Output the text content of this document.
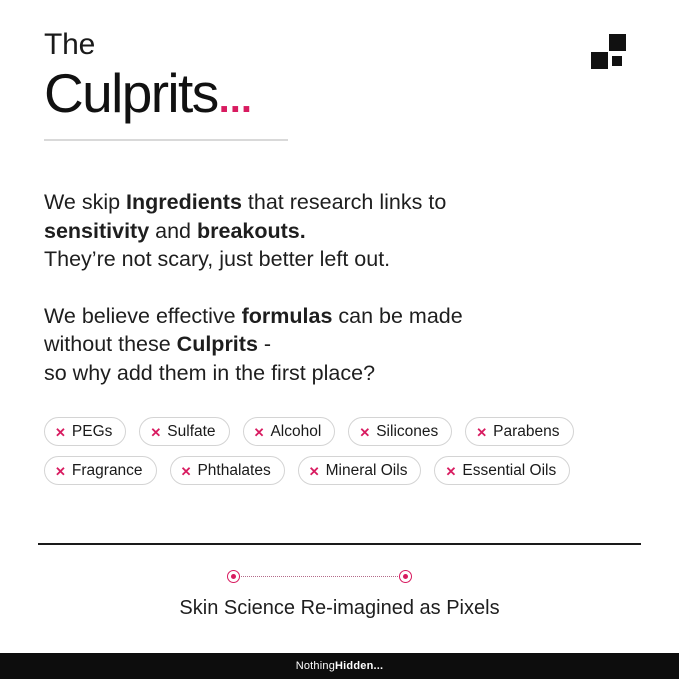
The
Culprits ...

We skip Ingredients that research links to

sensitivity and breakouts.

They’re not scary, just better left out.

We believe effective formulas can be made

without these Culprits -

so why add them in the first place?

✕ PEGs	✕ Sulfate	✕ Alcohol	✕ Silicones	✕ Parabens
✕ Fragrance	✕ Phthalates	✕ Mineral Oils	✕ Essential Oils
Skin Science Re-imagined as Pixels
NothingHidden...
